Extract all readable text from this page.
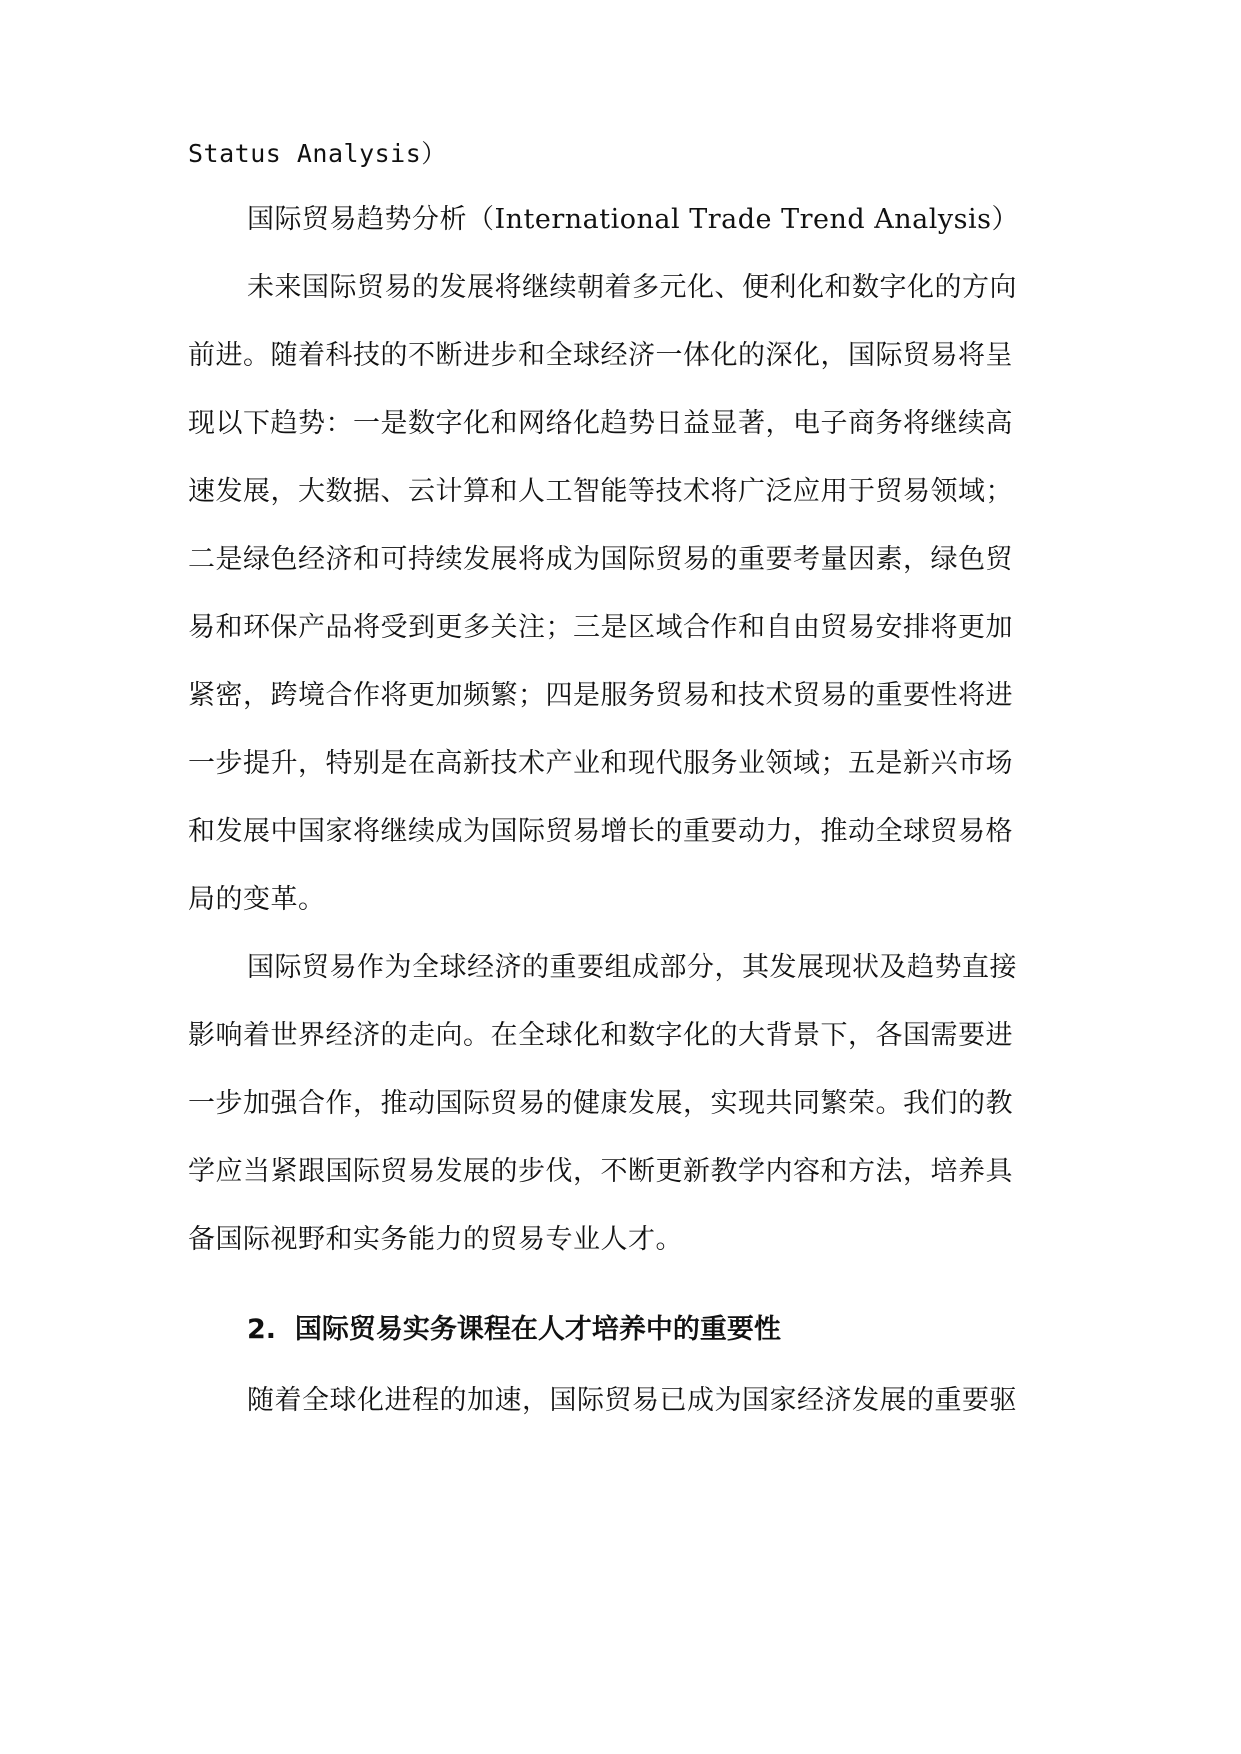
Status Analysis）
国际贸易趋势分析（International Trade Trend Analysis）
未来国际贸易的发展将继续朝着多元化、便利化和数字化的方向
前进。随着科技的不断进步和全球经济一体化的深化，国际贸易将呈
现以下趋势：一是数字化和网络化趋势日益显著，电子商务将继续高
速发展，大数据、云计算和人工智能等技术将广泛应用于贸易领域；
二是绿色经济和可持续发展将成为国际贸易的重要考量因素，绿色贸
易和环保产品将受到更多关注；三是区域合作和自由贸易安排将更加
紧密，跨境合作将更加频繁；四是服务贸易和技术贸易的重要性将进
一步提升，特别是在高新技术产业和现代服务业领域；五是新兴市场
和发展中国家将继续成为国际贸易增长的重要动力，推动全球贸易格
局的变革。
国际贸易作为全球经济的重要组成部分，其发展现状及趋势直接
影响着世界经济的走向。在全球化和数字化的大背景下，各国需要进
一步加强合作，推动国际贸易的健康发展，实现共同繁荣。我们的教
学应当紧跟国际贸易发展的步伐，不断更新教学内容和方法，培养具
备国际视野和实务能力的贸易专业人才。
2.  国际贸易实务课程在人才培养中的重要性
随着全球化进程的加速，国际贸易已成为国家经济发展的重要驱
